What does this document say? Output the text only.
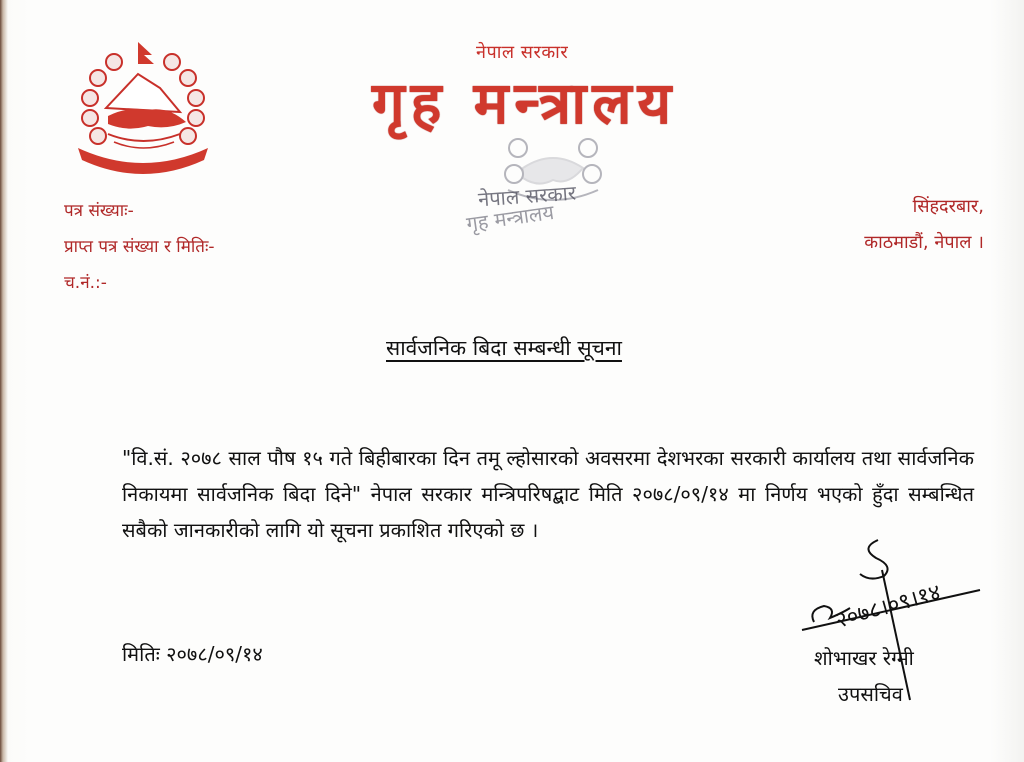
नेपाल सरकार
गृह मन्त्रालय
नेपाल सरकार
गृह मन्त्रालय
पत्र संख्याः-
प्राप्त पत्र संख्या र मितिः-
च.नं.:-
सिंहदरबार,
काठमाडौं, नेपाल ।
सार्वजनिक बिदा सम्बन्धी सूचना
"वि.सं. २०७८ साल पौष १५ गते बिहीबारका दिन तमू ल्होसारको अवसरमा देशभरका सरकारी कार्यालय तथा सार्वजनिक निकायमा सार्वजनिक बिदा दिने" नेपाल सरकार मन्त्रिपरिषद्बाट मिति २०७८/०९/१४ मा निर्णय भएको हुँदा सम्बन्धित सबैको जानकारीको लागि यो सूचना प्रकाशित गरिएको छ ।
मितिः २०७८/०९/१४
२०७८।०९।१४
शोभाखर रेग्मी
उपसचिव
